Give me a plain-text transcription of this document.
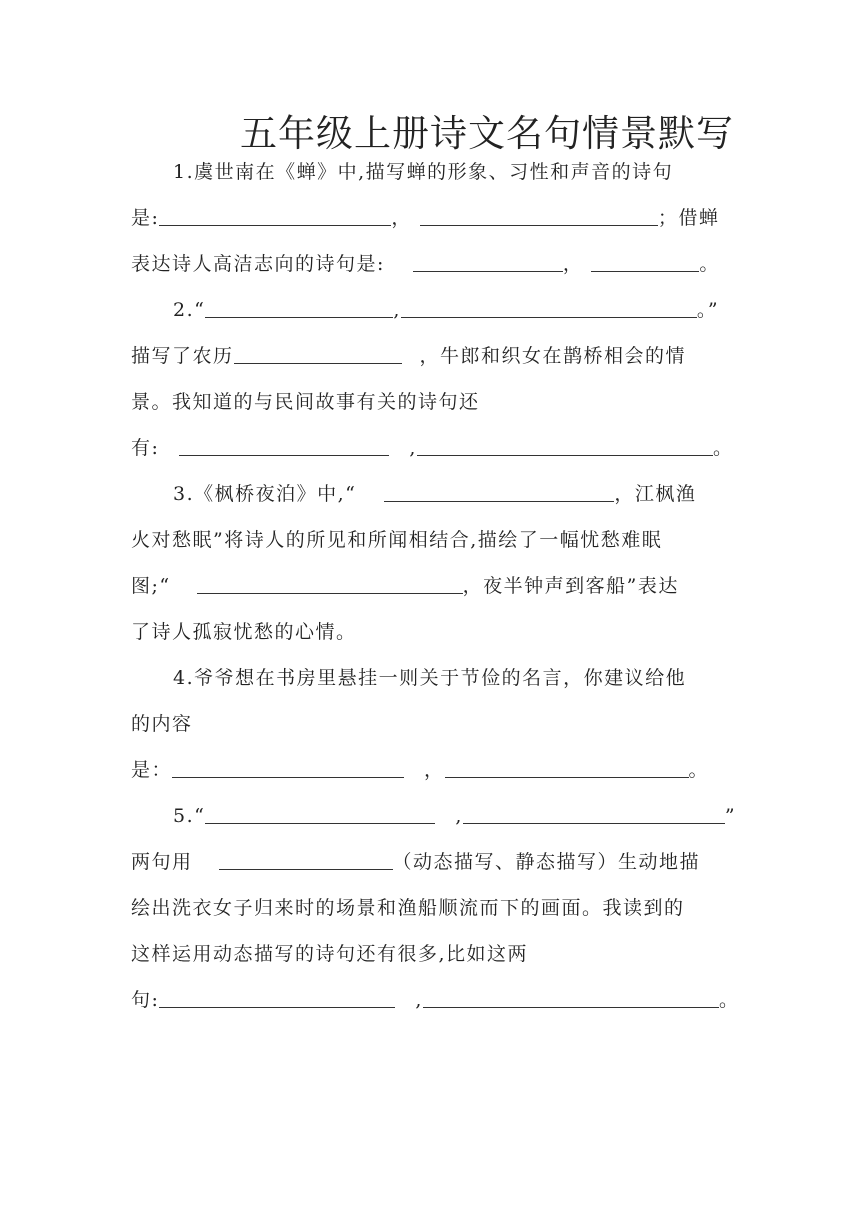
五年级上册诗文名句情景默写
1.虞世南在《蝉》中,描写蝉的形象、习性和声音的诗句
是:	，	；借蝉
表达诗人高洁志向的诗句是:	，	。
2.“	,	。”
描写了农历	，牛郎和织女在鹊桥相会的情
景。我知道的与民间故事有关的诗句还
有:	,	。
3.《枫桥夜泊》中,“	，江枫渔
火对愁眠”将诗人的所见和所闻相结合,描绘了一幅忧愁难眠
图;“	，夜半钟声到客船”表达
了诗人孤寂忧愁的心情。
4.爷爷想在书房里悬挂一则关于节俭的名言，你建议给他
的内容
是：	，	。
5.“	,	”
两句用	（动态描写、静态描写）生动地描
绘出洗衣女子归来时的场景和渔船顺流而下的画面。我读到的
这样运用动态描写的诗句还有很多,比如这两
句:	,	。
